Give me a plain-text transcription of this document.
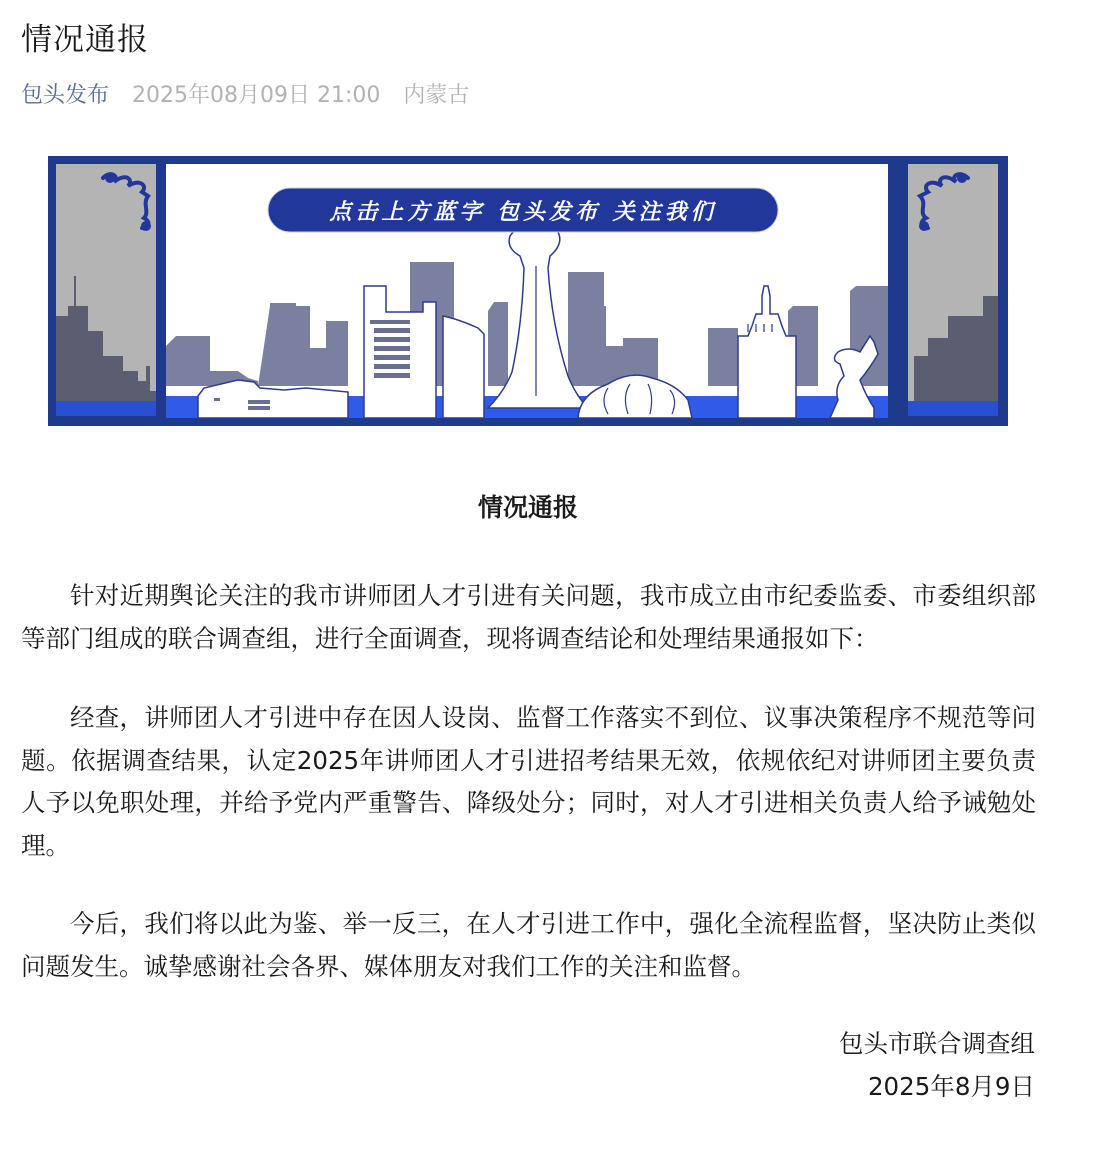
情况通报
包头发布 2025年08月09日 21:00 内蒙古
点击上方蓝字 包头发布 关注我们
情况通报

针对近期舆论关注的我市讲师团人才引进有关问题，我市成立由市纪委监委、市委组织部等部门组成的联合调查组，进行全面调查，现将调查结论和处理结果通报如下：

经查，讲师团人才引进中存在因人设岗、监督工作落实不到位、议事决策程序不规范等问题。依据调查结果，认定2025年讲师团人才引进招考结果无效，依规依纪对讲师团主要负责人予以免职处理，并给予党内严重警告、降级处分；同时，对人才引进相关负责人给予诫勉处理。

今后，我们将以此为鉴、举一反三，在人才引进工作中，强化全流程监督，坚决防止类似问题发生。诚挚感谢社会各界、媒体朋友对我们工作的关注和监督。

包头市联合调查组
2025年8月9日
